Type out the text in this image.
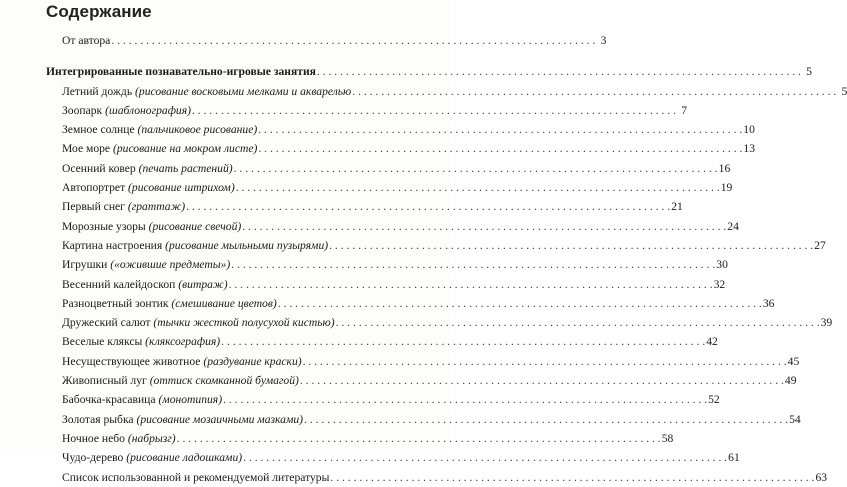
Содержание
От автора . . .	3
Интегрированные познавательно-игровые занятия . . .	5
Летний дождь (рисование восковыми мелками и акварелью . . .	5
Зоопарк (шаблонография) . . .	7
Земное солнце (пальчиковое рисование) . . .	10
Мое море (рисование на мокром листе) . . .	13
Осенний ковер (печать растений) . . .	16
Автопортрет (рисование штрихом) . . .	19
Первый снег (граттаж) . . .	21
Морозные узоры (рисование свечой) . . .	24
Картина настроения (рисование мыльными пузырями) . . .	27
Игрушки («ожившие предметы») . . .	30
Весенний калейдоскоп (витраж) . . .	32
Разноцветный зонтик (смешивание цветов) . . .	36
Дружеский салют (тычки жесткой полусухой кистью) . . .	39
Веселые кляксы (кляксография) . . .	42
Несуществующее животное (раздувание краски) . . .	45
Живописный луг (оттиск скомканной бумагой) . . .	49
Бабочка-красавица (монотипия) . . .	52
Золотая рыбка (рисование мозаичными мазками) . . .	54
Ночное небо (набрызг) . . .	58
Чудо-дерево (рисование ладошками) . . .	61
Список использованной и рекомендуемой литературы . . .	63
